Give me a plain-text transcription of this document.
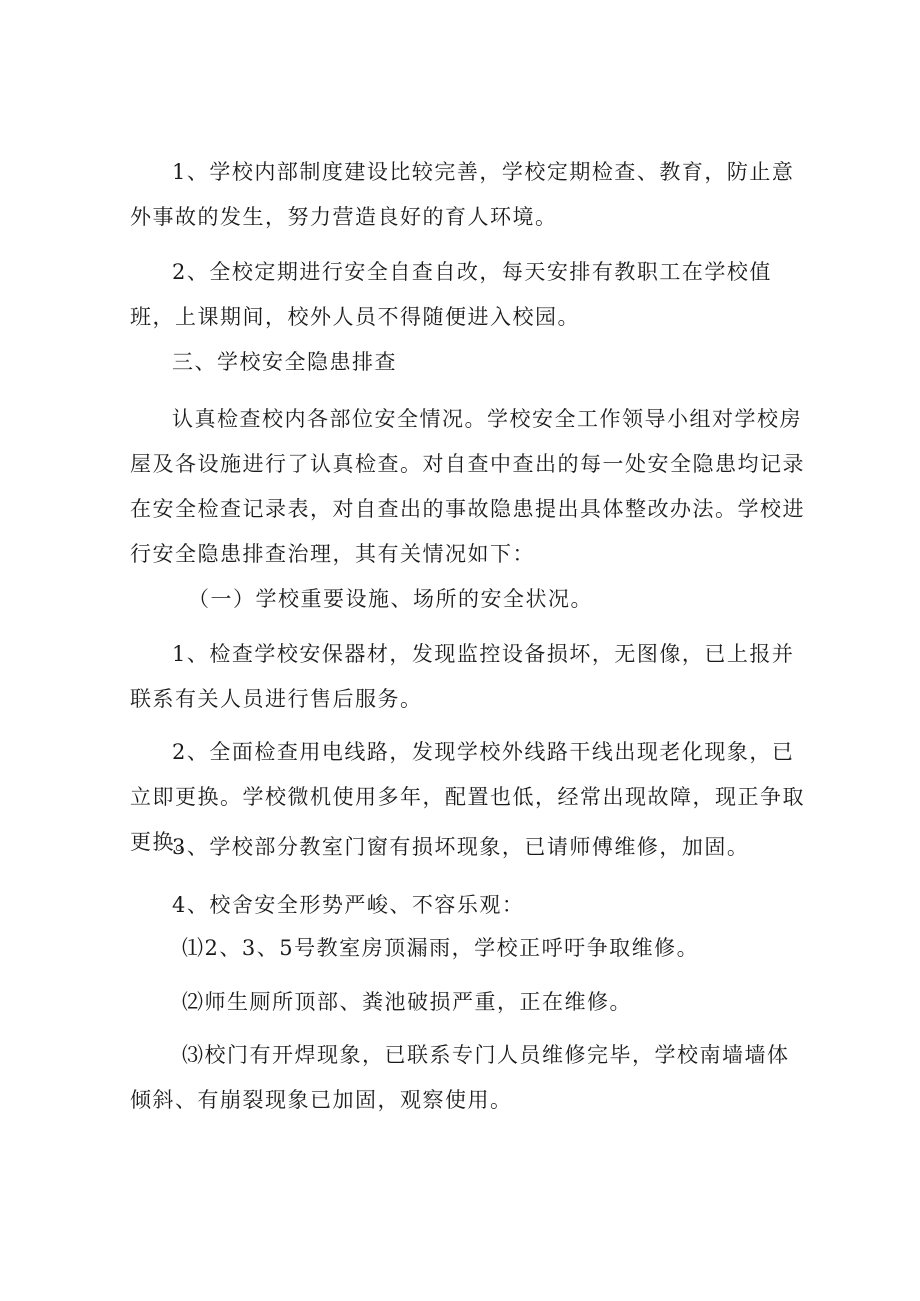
1、学校内部制度建设比较完善，学校定期检查、教育，防止意外事故的发生，努力营造良好的育人环境。

2、全校定期进行安全自查自改，每天安排有教职工在学校值班，上课期间，校外人员不得随便进入校园。

三、学校安全隐患排查

认真检查校内各部位安全情况。学校安全工作领导小组对学校房屋及各设施进行了认真检查。对自查中查出的每一处安全隐患均记录在安全检查记录表，对自查出的事故隐患提出具体整改办法。学校进行安全隐患排查治理，其有关情况如下：

（一）学校重要设施、场所的安全状况。

1、检查学校安保器材，发现监控设备损坏，无图像，已上报并联系有关人员进行售后服务。

2、全面检查用电线路，发现学校外线路干线出现老化现象，已立即更换。学校微机使用多年，配置也低，经常出现故障，现正争取更换。

3、学校部分教室门窗有损坏现象，已请师傅维修，加固。

4、校舍安全形势严峻、不容乐观：

⑴2、3、5号教室房顶漏雨，学校正呼吁争取维修。

⑵师生厕所顶部、粪池破损严重，正在维修。

⑶校门有开焊现象，已联系专门人员维修完毕，学校南墙墙体倾斜、有崩裂现象已加固，观察使用。
